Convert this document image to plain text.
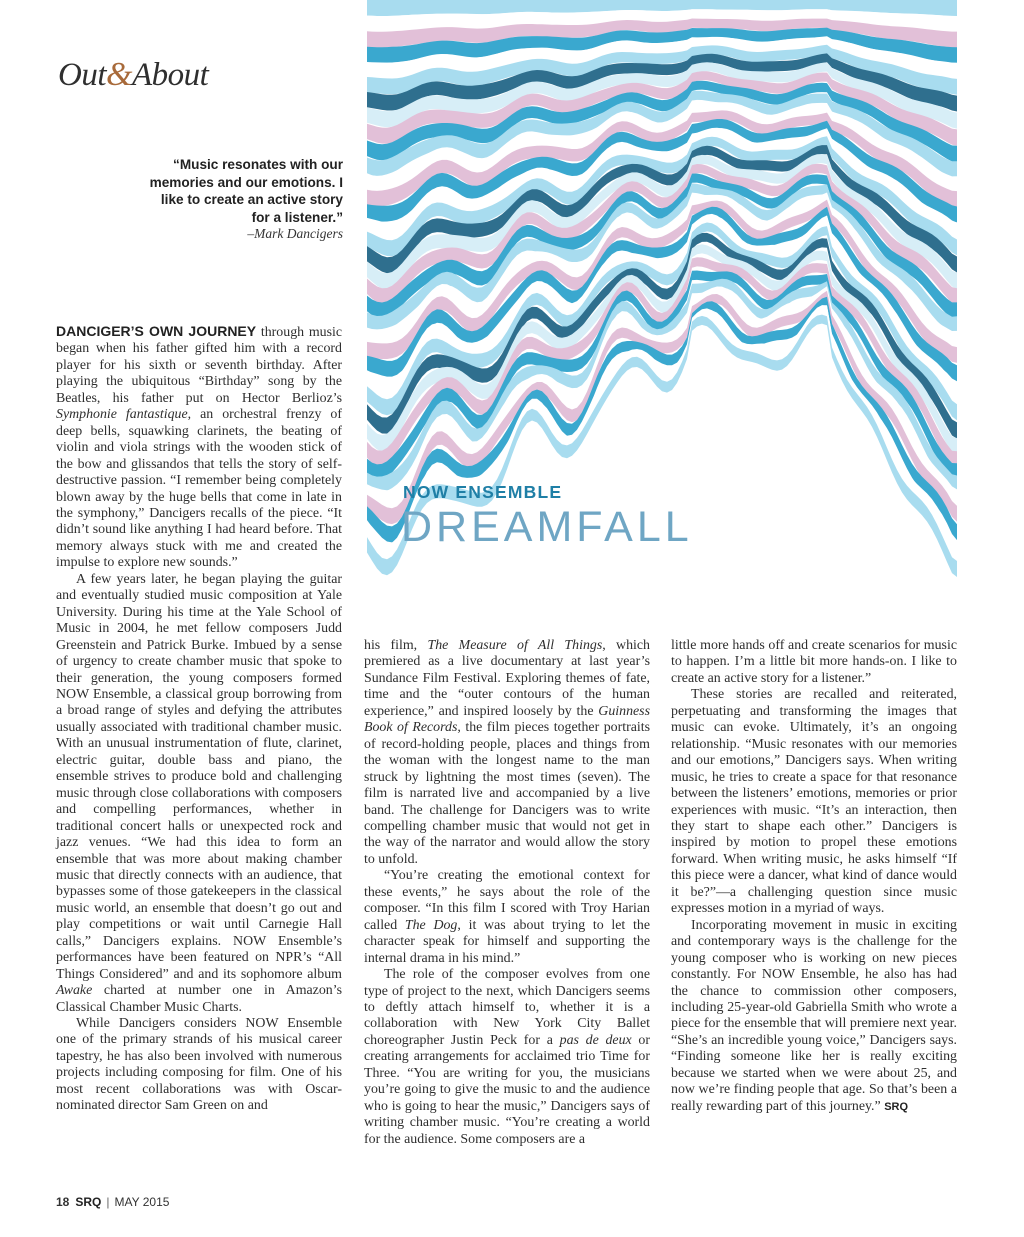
Out&About
“Music resonates with our memories and our emotions. I like to create an active story for a listener.”
–Mark Dancigers
NOW ENSEMBLE
DREAMFALL

DANCIGER’S OWN JOURNEY through music began when his father gifted him with a record player for his sixth or seventh birthday. After playing the ubiquitous “Birthday” song by the Beatles, his father put on Hector Berlioz’s Symphonie fantastique, an orchestral frenzy of deep bells, squawking clarinets, the beating of violin and viola strings with the wooden stick of the bow and glissandos that tells the story of self-destructive passion. “I remember being completely blown away by the huge bells that come in late in the symphony,” Dancigers recalls of the piece. “It didn’t sound like anything I had heard before. That memory always stuck with me and created the impulse to explore new sounds.”

A few years later, he began playing the guitar and eventually studied music composition at Yale University. During his time at the Yale School of Music in 2004, he met fellow composers Judd Greenstein and Patrick Burke. Imbued by a sense of urgency to create chamber music that spoke to their generation, the young composers formed NOW Ensemble, a classical group borrowing from a broad range of styles and defying the attributes usually associated with traditional chamber music. With an unusual instrumentation of flute, clarinet, electric guitar, double bass and piano, the ensemble strives to produce bold and challenging music through close collaborations with composers and compelling performances, whether in traditional concert halls or unexpected rock and jazz venues. “We had this idea to form an ensemble that was more about making chamber music that directly connects with an audience, that bypasses some of those gatekeepers in the classical music world, an ensemble that doesn’t go out and play competitions or wait until Carnegie Hall calls,” Dancigers explains. NOW Ensemble’s performances have been featured on NPR’s “All Things Considered” and and its sophomore album Awake charted at number one in Amazon’s Classical Chamber Music Charts.

While Dancigers considers NOW Ensemble one of the primary strands of his musical career tapestry, he has also been involved with numerous projects including composing for film. One of his most recent collaborations was with Oscar-nominated director Sam Green on and

his film, The Measure of All Things, which premiered as a live documentary at last year’s Sundance Film Festival. Exploring themes of fate, time and the “outer contours of the human experience,” and inspired loosely by the Guinness Book of Records, the film pieces together portraits of record-holding people, places and things from the woman with the longest name to the man struck by lightning the most times (seven). The film is narrated live and accompanied by a live band. The challenge for Dancigers was to write compelling chamber music that would not get in the way of the narrator and would allow the story to unfold.

“You’re creating the emotional context for these events,” he says about the role of the composer. “In this film I scored with Troy Harian called The Dog, it was about trying to let the character speak for himself and supporting the internal drama in his mind.”

The role of the composer evolves from one type of project to the next, which Dancigers seems to deftly attach himself to, whether it is a collaboration with New York City Ballet choreographer Justin Peck for a pas de deux or creating arrangements for acclaimed trio Time for Three. “You are writing for you, the musicians you’re going to give the music to and the audience who is going to hear the music,” Dancigers says of writing chamber music. “You’re creating a world for the audience. Some composers are a

little more hands off and create scenarios for music to happen. I’m a little bit more hands-on. I like to create an active story for a listener.”

These stories are recalled and reiterated, perpetuating and transforming the images that music can evoke. Ultimately, it’s an ongoing relationship. “Music resonates with our memories and our emotions,” Dancigers says. When writing music, he tries to create a space for that resonance between the listeners’ emotions, memories or prior experiences with music. “It’s an interaction, then they start to shape each other.” Dancigers is inspired by motion to propel these emotions forward. When writing music, he asks himself “If this piece were a dancer, what kind of dance would it be?”—a challenging question since music expresses motion in a myriad of ways.

Incorporating movement in music in exciting and contemporary ways is the challenge for the young composer who is working on new pieces constantly. For NOW Ensemble, he also has had the chance to commission other composers, including 25-year-old Gabriella Smith who wrote a piece for the ensemble that will premiere next year. “She’s an incredible young voice,” Dancigers says. “Finding someone like her is really exciting because we started when we were about 25, and now we’re finding people that age. So that’s been a really rewarding part of this journey.” SRQ

18 SRQ | MAY 2015
